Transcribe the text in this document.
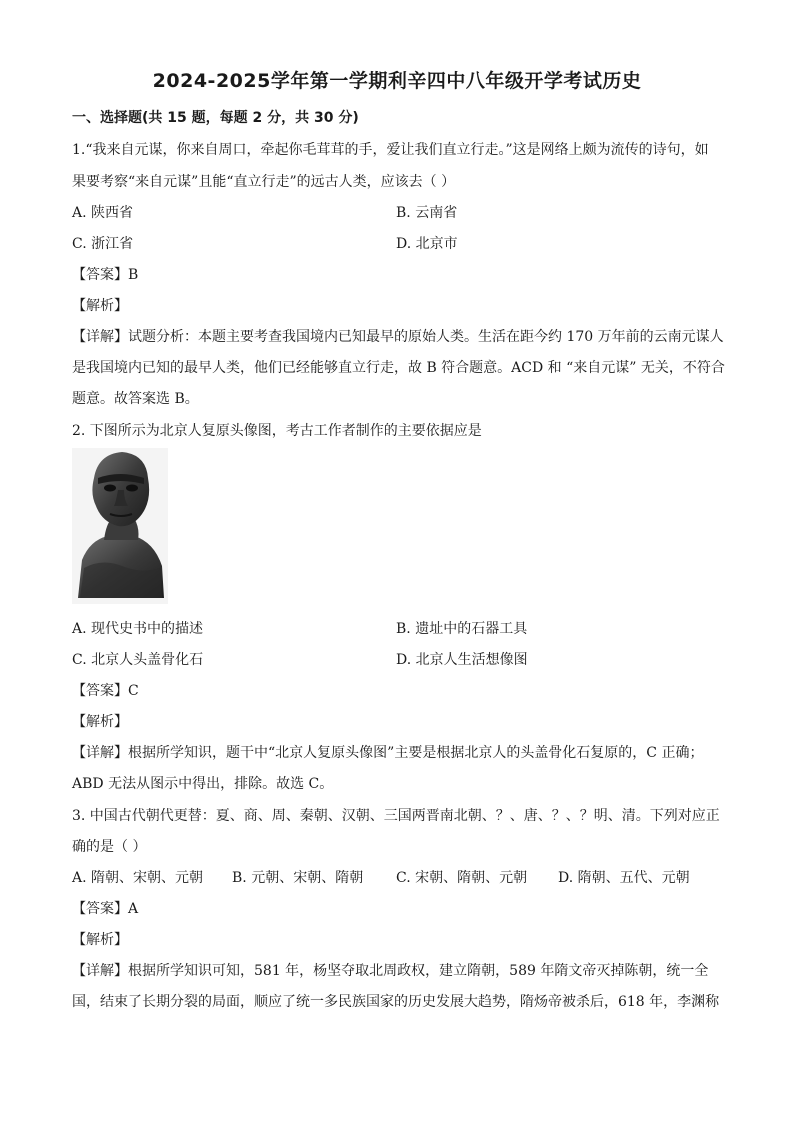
2024-2025学年第一学期利辛四中八年级开学考试历史
一、选择题(共 15 题，每题 2 分，共 30 分)
1.“我来自元谋，你来自周口，牵起你毛茸茸的手，爱让我们直立行走。”这是网络上颇为流传的诗句，如
果要考察“来自元谋”且能“直立行走”的远古人类，应该去（ ）
A. 陕西省	B. 云南省
C. 浙江省	D. 北京市
【答案】B
【解析】
【详解】试题分析：本题主要考查我国境内已知最早的原始人类。生活在距今约 170 万年前的云南元谋人
是我国境内已知的最早人类，他们已经能够直立行走，故 B 符合题意。ACD 和 “来自元谋” 无关，不符合
题意。故答案选 B。
2. 下图所示为北京人复原头像图，考古工作者制作的主要依据应是
A. 现代史书中的描述	B. 遗址中的石器工具
C. 北京人头盖骨化石	D. 北京人生活想像图
【答案】C
【解析】
【详解】根据所学知识，题干中“北京人复原头像图”主要是根据北京人的头盖骨化石复原的，C 正确；
ABD 无法从图示中得出，排除。故选 C。
3. 中国古代朝代更替：夏、商、周、秦朝、汉朝、三国两晋南北朝、？、唐、？、？明、清。下列对应正
确的是（ ）
A. 隋朝、宋朝、元朝 B. 元朝、宋朝、隋朝 C. 宋朝、隋朝、元朝 D. 隋朝、五代、元朝
【答案】A
【解析】
【详解】根据所学知识可知，581 年，杨坚夺取北周政权，建立隋朝，589 年隋文帝灭掉陈朝，统一全
国，结束了长期分裂的局面，顺应了统一多民族国家的历史发展大趋势，隋炀帝被杀后，618 年，李渊称
